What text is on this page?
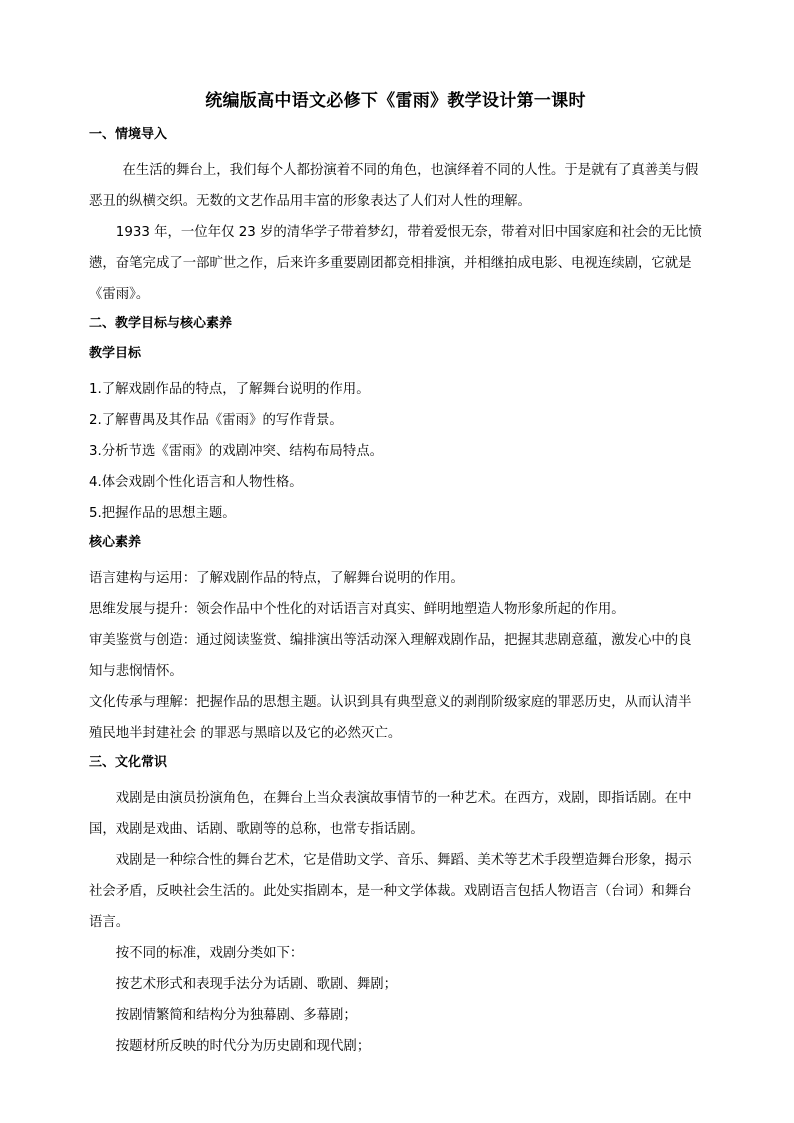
统编版高中语文必修下《雷雨》教学设计第一课时
一、情境导入

在生活的舞台上，我们每个人都扮演着不同的角色，也演绎着不同的人性。于是就有了真善美与假恶丑的纵横交织。无数的文艺作品用丰富的形象表达了人们对人性的理解。

1933 年，一位年仅 23 岁的清华学子带着梦幻，带着爱恨无奈，带着对旧中国家庭和社会的无比愤懑，奋笔完成了一部旷世之作，后来许多重要剧团都竞相排演，并相继拍成电影、电视连续剧，它就是《雷雨》。

二、教学目标与核心素养
教学目标

1.了解戏剧作品的特点，了解舞台说明的作用。

2.了解曹禺及其作品《雷雨》的写作背景。

3.分析节选《雷雨》的戏剧冲突、结构布局特点。

4.体会戏剧个性化语言和人物性格。

5.把握作品的思想主题。

核心素养

语言建构与运用：了解戏剧作品的特点，了解舞台说明的作用。

思维发展与提升：领会作品中个性化的对话语言对真实、鲜明地塑造人物形象所起的作用。

审美鉴赏与创造：通过阅读鉴赏、编排演出等活动深入理解戏剧作品，把握其悲剧意蕴，激发心中的良知与悲悯情怀。

文化传承与理解：把握作品的思想主题。认识到具有典型意义的剥削阶级家庭的罪恶历史，从而认清半殖民地半封建社会 的罪恶与黑暗以及它的必然灭亡。

三、文化常识

戏剧是由演员扮演角色，在舞台上当众表演故事情节的一种艺术。在西方，戏剧，即指话剧。在中国，戏剧是戏曲、话剧、歌剧等的总称，也常专指话剧。

戏剧是一种综合性的舞台艺术，它是借助文学、音乐、舞蹈、美术等艺术手段塑造舞台形象，揭示社会矛盾，反映社会生活的。此处实指剧本，是一种文学体裁。戏剧语言包括人物语言（台词）和舞台语言。

按不同的标准，戏剧分类如下：

按艺术形式和表现手法分为话剧、歌剧、舞剧；

按剧情繁简和结构分为独幕剧、多幕剧；

按题材所反映的时代分为历史剧和现代剧；
